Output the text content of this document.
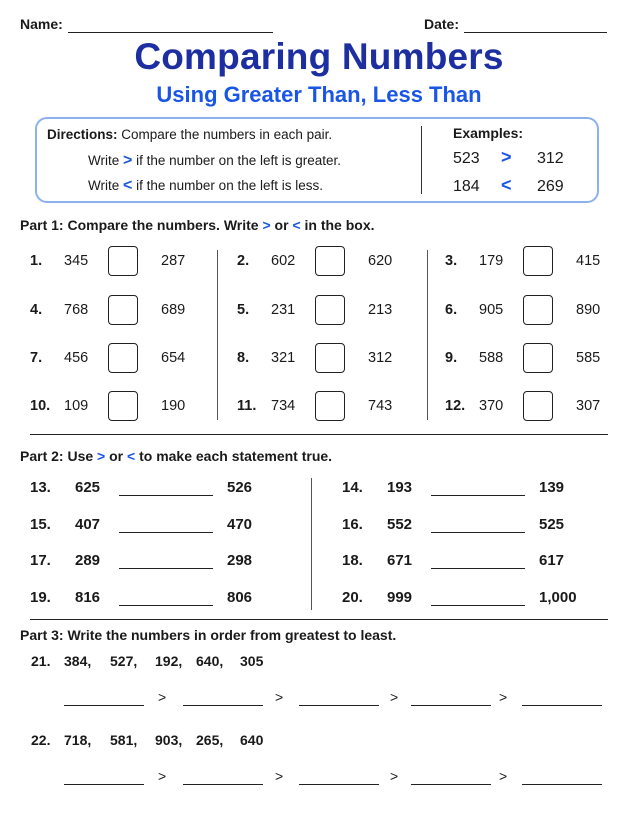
Name:	Date:
Comparing Numbers
Using Greater Than, Less Than
Directions: Compare the numbers in each pair.
Write > if the number on the left is greater.
Write < if the number on the left is less.
Examples:
523 > 312
184 < 269
Part 1: Compare the numbers. Write > or < in the box.
1. 345	287	2. 602	620	3. 179	415
4. 768	689	5. 231	213	6. 905	890
7. 456	654	8. 321	312	9. 588	585
10. 109	190	11. 734	743	12. 370	307
Part 2: Use > or < to make each statement true.
13. 625	526	14. 193	139
15. 407	470	16. 552	525
17. 289	298	18. 671	617
19. 816	806	20. 999	1,000
Part 3: Write the numbers in order from greatest to least.
21. 384, 527, 192, 640, 305
>	>	>	>
22. 718, 581, 903, 265, 640
>	>	>	>
